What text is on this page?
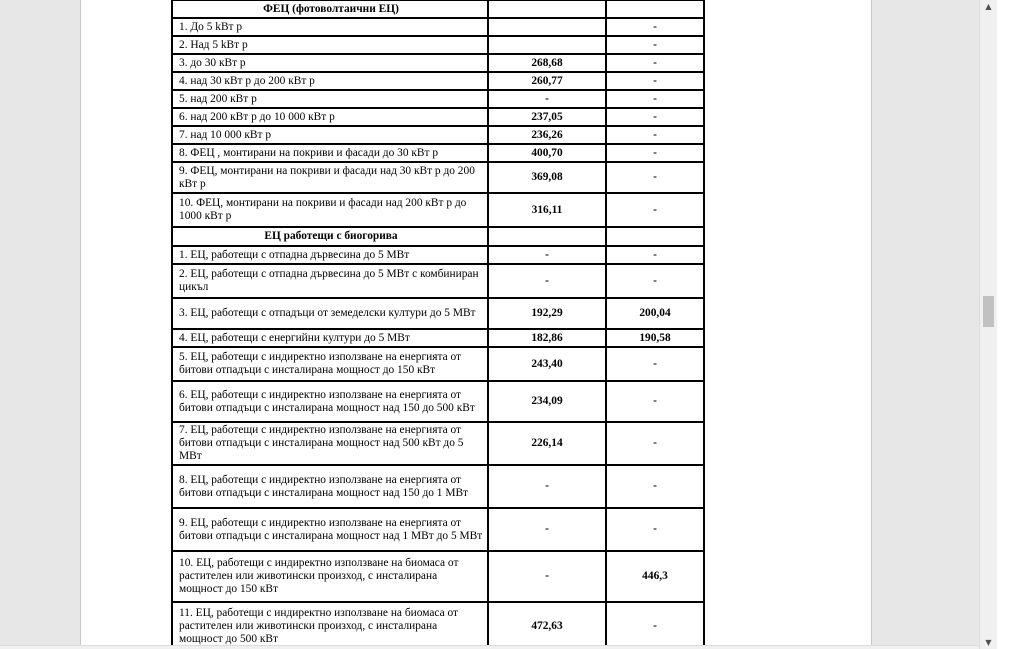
ФЕЦ (фотоволтаични ЕЦ)		
1. До 5 kВт р		-
2. Над 5 kВт р		-
3. до 30 кВт р	268,68	-
4. над 30 кВт р до 200 кВт р	260,77	-
5. над 200 кВт р	-	-
6. над 200 кВт р до 10 000 кВт р	237,05	-
7. над 10 000 кВт р	236,26	-
8. ФЕЦ , монтирани на покриви и фасади до 30 кВт р	400,70	-
9. ФЕЦ, монтирани на покриви и фасади над 30 кВт р до 200 кВт р	369,08	-
10. ФЕЦ, монтирани на покриви и фасади над 200 кВт р до 1000 кВт р	316,11	-
ЕЦ работещи с биогорива		
1. ЕЦ, работещи с отпадна дървесина до 5 МВт	-	-
2. ЕЦ, работещи с отпадна дървесина до 5 МВт с комбиниран цикъл	-	-
3. ЕЦ, работещи с отпадъци от земеделски култури до 5 МВт	192,29	200,04
4. ЕЦ, работещи с енергийни култури до 5 МВт	182,86	190,58
5. ЕЦ, работещи с индиректно използване на енергията от битови отпадъци с инсталирана мощност до 150 кВт	243,40	-
6. ЕЦ, работещи с индиректно използване на енергията от битови отпадъци с инсталирана мощност над 150 до 500 кВт	234,09	-
7. ЕЦ, работещи с индиректно използване на енергията от битови отпадъци с инсталирана мощност над 500 кВт до 5 МВт	226,14	-
8. ЕЦ, работещи с индиректно използване на енергията от битови отпадъци с инсталирана мощност над 150 до 1 МВт	-	-
9. ЕЦ, работещи с индиректно използване на енергията от битови отпадъци с инсталирана мощност над 1 МВт до 5 МВт	-	-
10. ЕЦ, работещи с индиректно използване на биомаса от растителен или животински произход, с инсталирана мощност до 150 кВт	-	446,3
11. ЕЦ, работещи с индиректно използване на биомаса от растителен или животински произход, с инсталирана мощност до 500 кВт	472,63	-
▲
▼
